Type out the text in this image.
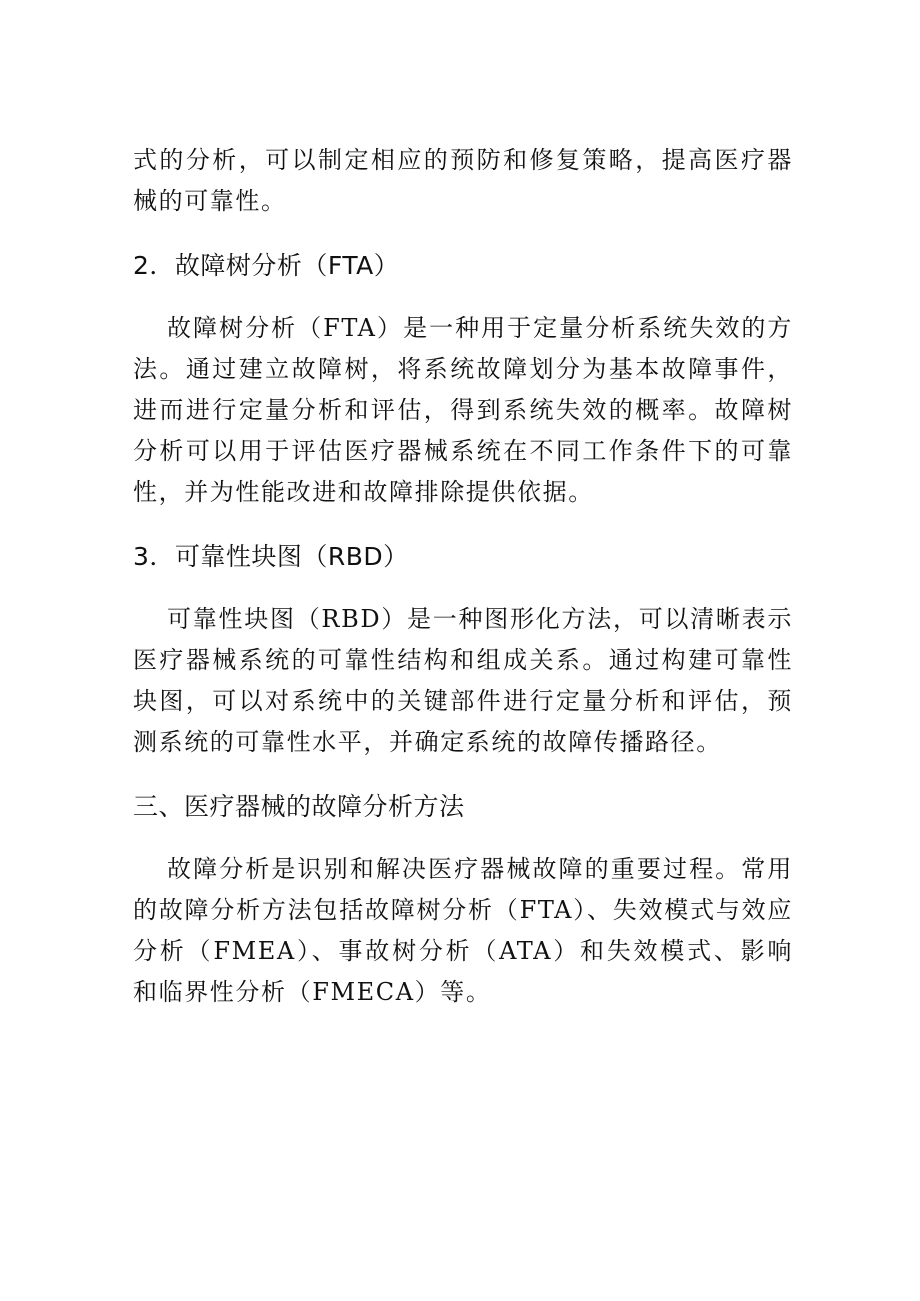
式的分析，可以制定相应的预防和修复策略，提高医疗器械的可靠性。

2．故障树分析（FTA）

故障树分析（FTA）是一种用于定量分析系统失效的方法。通过建立故障树，将系统故障划分为基本故障事件，进而进行定量分析和评估，得到系统失效的概率。故障树分析可以用于评估医疗器械系统在不同工作条件下的可靠性，并为性能改进和故障排除提供依据。

3．可靠性块图（RBD）

可靠性块图（RBD）是一种图形化方法，可以清晰表示医疗器械系统的可靠性结构和组成关系。通过构建可靠性块图，可以对系统中的关键部件进行定量分析和评估，预测系统的可靠性水平，并确定系统的故障传播路径。

三、医疗器械的故障分析方法

故障分析是识别和解决医疗器械故障的重要过程。常用的故障分析方法包括故障树分析（FTA）、失效模式与效应分析（FMEA）、事故树分析（ATA）和失效模式、影响和临界性分析（FMECA）等。
